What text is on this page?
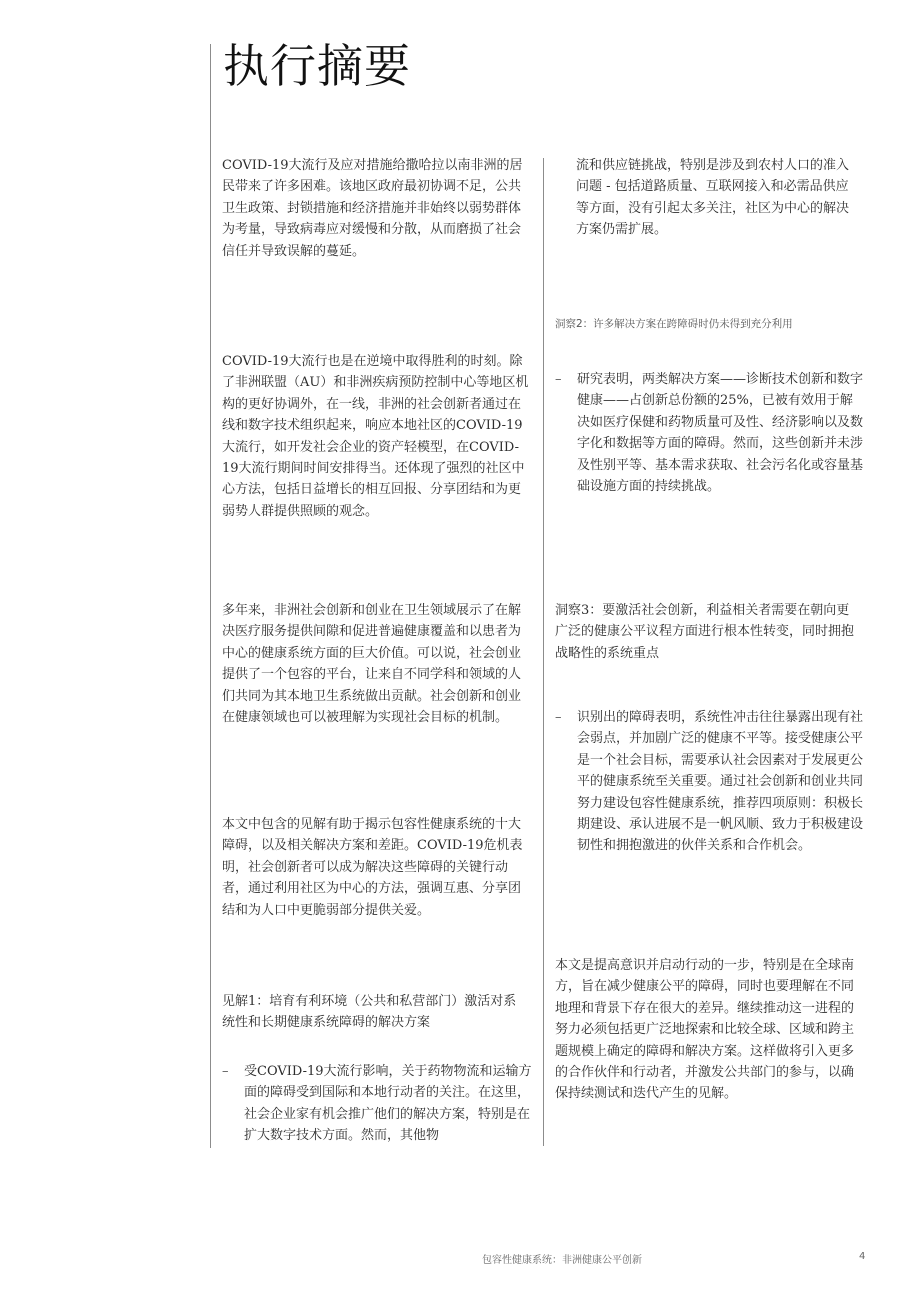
执行摘要

COVID-19大流行及应对措施给撒哈拉以南非洲的居民带来了许多困难。该地区政府最初协调不足，公共卫生政策、封锁措施和经济措施并非始终以弱势群体为考量，导致病毒应对缓慢和分散，从而磨损了社会信任并导致误解的蔓延。

COVID-19大流行也是在逆境中取得胜利的时刻。除了非洲联盟（AU）和非洲疾病预防控制中心等地区机构的更好协调外，在一线，非洲的社会创新者通过在线和数字技术组织起来，响应本地社区的COVID-19大流行，如开发社会企业的资产轻模型，在COVID-19大流行期间时间安排得当。还体现了强烈的社区中心方法，包括日益增长的相互回报、分享团结和为更弱势人群提供照顾的观念。

多年来，非洲社会创新和创业在卫生领域展示了在解决医疗服务提供间隙和促进普遍健康覆盖和以患者为中心的健康系统方面的巨大价值。可以说，社会创业提供了一个包容的平台，让来自不同学科和领域的人们共同为其本地卫生系统做出贡献。社会创新和创业在健康领域也可以被理解为实现社会目标的机制。

本文中包含的见解有助于揭示包容性健康系统的十大障碍，以及相关解决方案和差距。COVID-19危机表明，社会创新者可以成为解决这些障碍的关键行动者，通过利用社区为中心的方法，强调互惠、分享团结和为人口中更脆弱部分提供关爱。

见解1：培育有利环境（公共和私营部门）激活对系统性和长期健康系统障碍的解决方案

– 受COVID-19大流行影响，关于药物物流和运输方面的障碍受到国际和本地行动者的关注。在这里，社会企业家有机会推广他们的解决方案，特别是在扩大数字技术方面。然而，其他物

流和供应链挑战，特别是涉及到农村人口的准入问题 - 包括道路质量、互联网接入和必需品供应等方面，没有引起太多关注，社区为中心的解决方案仍需扩展。

洞察2：许多解决方案在跨障碍时仍未得到充分利用

– 研究表明，两类解决方案——诊断技术创新和数字健康——占创新总份额的25%，已被有效用于解决如医疗保健和药物质量可及性、经济影响以及数字化和数据等方面的障碍。然而，这些创新并未涉及性别平等、基本需求获取、社会污名化或容量基础设施方面的持续挑战。

洞察3：要激活社会创新，利益相关者需要在朝向更广泛的健康公平议程方面进行根本性转变，同时拥抱战略性的系统重点

– 识别出的障碍表明，系统性冲击往往暴露出现有社会弱点，并加剧广泛的健康不平等。接受健康公平是一个社会目标，需要承认社会因素对于发展更公平的健康系统至关重要。通过社会创新和创业共同努力建设包容性健康系统，推荐四项原则：积极长期建设、承认进展不是一帆风顺、致力于积极建设韧性和拥抱激进的伙伴关系和合作机会。

本文是提高意识并启动行动的一步，特别是在全球南方，旨在减少健康公平的障碍，同时也要理解在不同地理和背景下存在很大的差异。继续推动这一进程的努力必须包括更广泛地探索和比较全球、区域和跨主题规模上确定的障碍和解决方案。这样做将引入更多的合作伙伴和行动者，并激发公共部门的参与，以确保持续测试和迭代产生的见解。

包容性健康系统：非洲健康公平创新	4
